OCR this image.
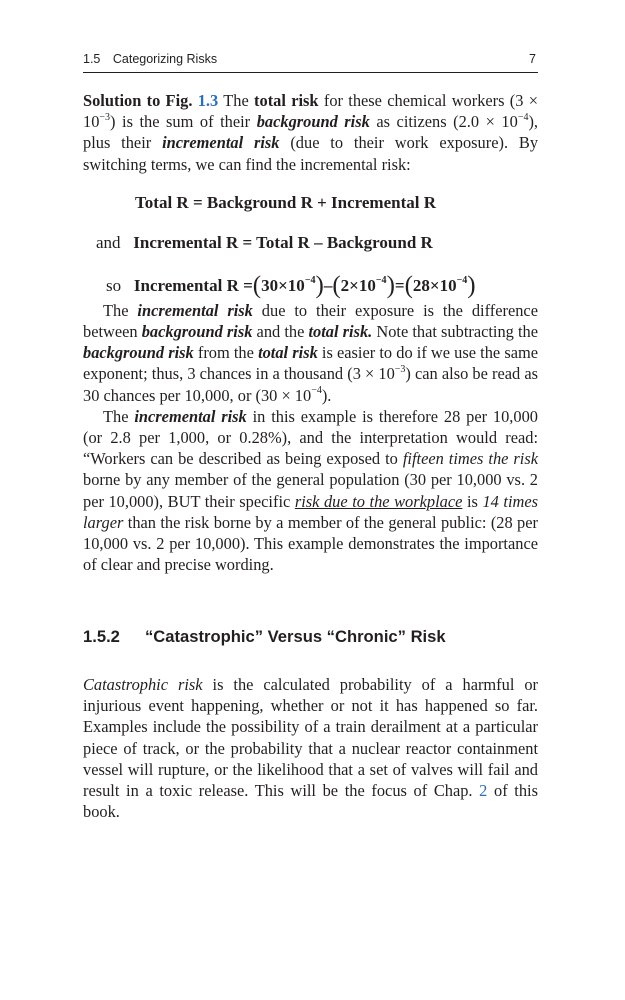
1.5  Categorizing Risks	7

Solution to Fig. 1.3 The total risk for these chemical workers $(3 \times 10^{-3})$ is the sum of their background risk as citizens $(2.0 \times 10^{-4})$, plus their incremental risk (due to their work exposure). By switching terms, we can find the incremental risk:

Total R = Background R + Incremental R
and Incremental R = Total R – Background R
so Incremental $R =(30\times 10^{-4})-(2\times 10^{-4})=(28\times 10^{-4})$

The incremental risk due to their exposure is the difference between background risk and the total risk. Note that subtracting the background risk from the total risk is easier to do if we use the same exponent; thus, 3 chances in a thousand $(3 \times 10^{-3})$ can also be read as 30 chances per 10,000, or $(30 \times 10^{-4})$.

The incremental risk in this example is therefore 28 per 10,000 (or 2.8 per 1,000, or 0.28%), and the interpretation would read: “Workers can be described as being exposed to fifteen times the risk borne by any member of the general population (30 per 10,000 vs. 2 per 10,000), BUT their specific risk due to the workplace is 14 times larger than the risk borne by a member of the general public: (28 per 10,000 vs. 2 per 10,000). This example demonstrates the importance of clear and precise wording.

1.5.2 “Catastrophic” Versus “Chronic” Risk

Catastrophic risk is the calculated probability of a harmful or injurious event happening, whether or not it has happened so far. Examples include the possibility of a train derailment at a particular piece of track, or the probability that a nuclear reactor containment vessel will rupture, or the likelihood that a set of valves will fail and result in a toxic release. This will be the focus of Chap. 2 of this book.
